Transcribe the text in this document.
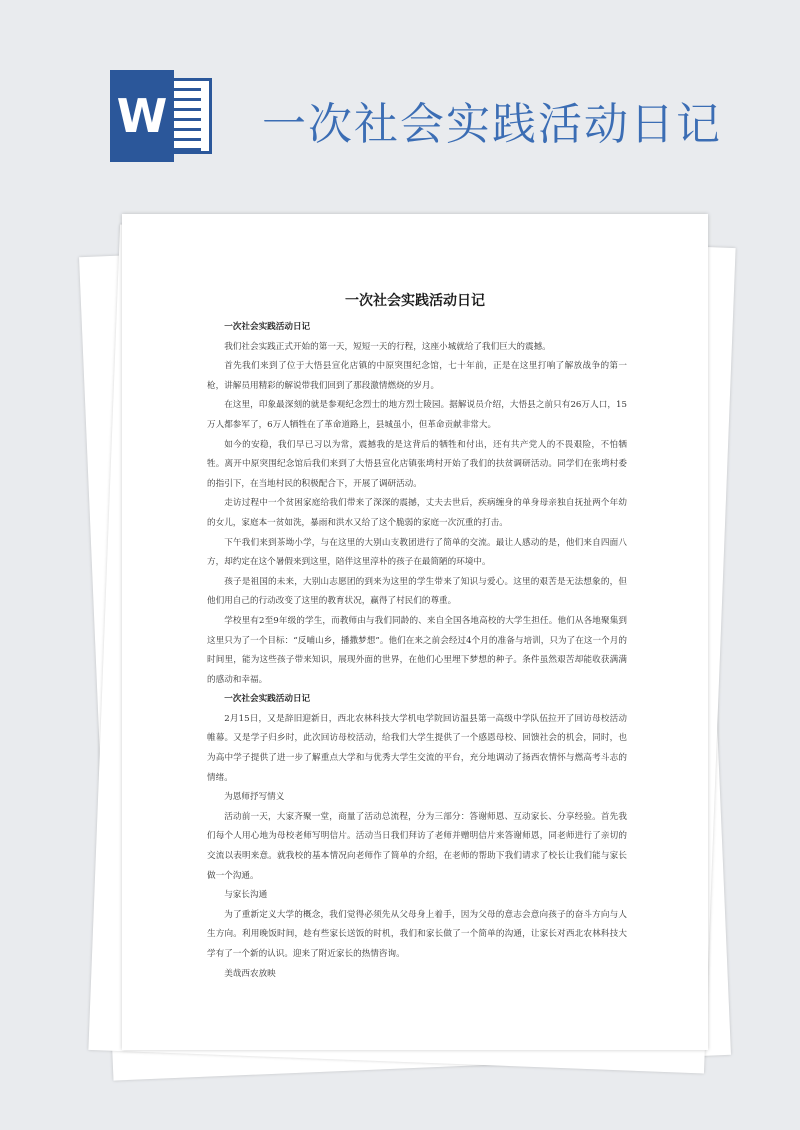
W 一次社会实践活动日记
一次社会实践活动日记

一次社会实践活动日记

我们社会实践正式开始的第一天，短短一天的行程，这座小城就给了我们巨大的震撼。

首先我们来到了位于大悟县宣化店镇的中原突围纪念馆，七十年前，正是在这里打响了解放战争的第一枪，讲解员用精彩的解说带我们回到了那段激情燃烧的岁月。

在这里，印象最深刻的就是参观纪念烈士的地方烈士陵园。据解说员介绍，大悟县之前只有26万人口，15万人都参军了，6万人牺牲在了革命道路上，县城虽小，但革命贡献非常大。

如今的安稳，我们早已习以为常，震撼我的是这背后的牺牲和付出，还有共产党人的不畏艰险，不怕牺牲。离开中原突围纪念馆后我们来到了大悟县宣化店镇张塆村开始了我们的扶贫调研活动。同学们在张塆村委的指引下，在当地村民的积极配合下，开展了调研活动。

走访过程中一个贫困家庭给我们带来了深深的震撼，丈夫去世后，疾病缠身的单身母亲独自抚扯两个年幼的女儿，家庭本一贫如洗，暴雨和洪水又给了这个脆弱的家庭一次沉重的打击。

下午我们来到茶坳小学，与在这里的大别山支教团进行了简单的交流。最让人感动的是，他们来自四面八方，却约定在这个暑假来到这里，陪伴这里淳朴的孩子在最简陋的环境中。

孩子是祖国的未来，大别山志愿团的到来为这里的学生带来了知识与爱心。这里的艰苦是无法想象的，但他们用自己的行动改变了这里的教育状况，赢得了村民们的尊重。

学校里有2至9年级的学生，而教师由与我们同龄的、来自全国各地高校的大学生担任。他们从各地聚集到这里只为了一个目标：“反哺山乡，播撒梦想”。他们在来之前会经过4个月的准备与培训，只为了在这一个月的时间里，能为这些孩子带来知识，展现外面的世界，在他们心里埋下梦想的种子。条件虽然艰苦却能收获满满的感动和幸福。

一次社会实践活动日记

2月15日，又是辞旧迎新日，西北农林科技大学机电学院回访温县第一高级中学队伍拉开了回访母校活动帷幕。又是学子归乡时，此次回访母校活动，给我们大学生提供了一个感恩母校、回馈社会的机会，同时，也为高中学子提供了进一步了解重点大学和与优秀大学生交流的平台，充分地调动了扬西农情怀与燃高考斗志的情绪。

为恩师抒写情义

活动前一天，大家齐聚一堂，商量了活动总流程，分为三部分：答谢师恩、互动家长、分享经验。首先我们每个人用心地为母校老师写明信片。活动当日我们拜访了老师并赠明信片来答谢师恩，同老师进行了亲切的交流以表明来意。就我校的基本情况向老师作了简单的介绍，在老师的帮助下我们请求了校长让我们能与家长做一个沟通。

与家长沟通

为了重新定义大学的概念，我们觉得必须先从父母身上着手，因为父母的意志会意向孩子的奋斗方向与人生方向。利用晚饭时间，趁有些家长送饭的时机，我们和家长做了一个简单的沟通，让家长对西北农林科技大学有了一个新的认识。迎来了附近家长的热情咨询。

美哉西农放映
